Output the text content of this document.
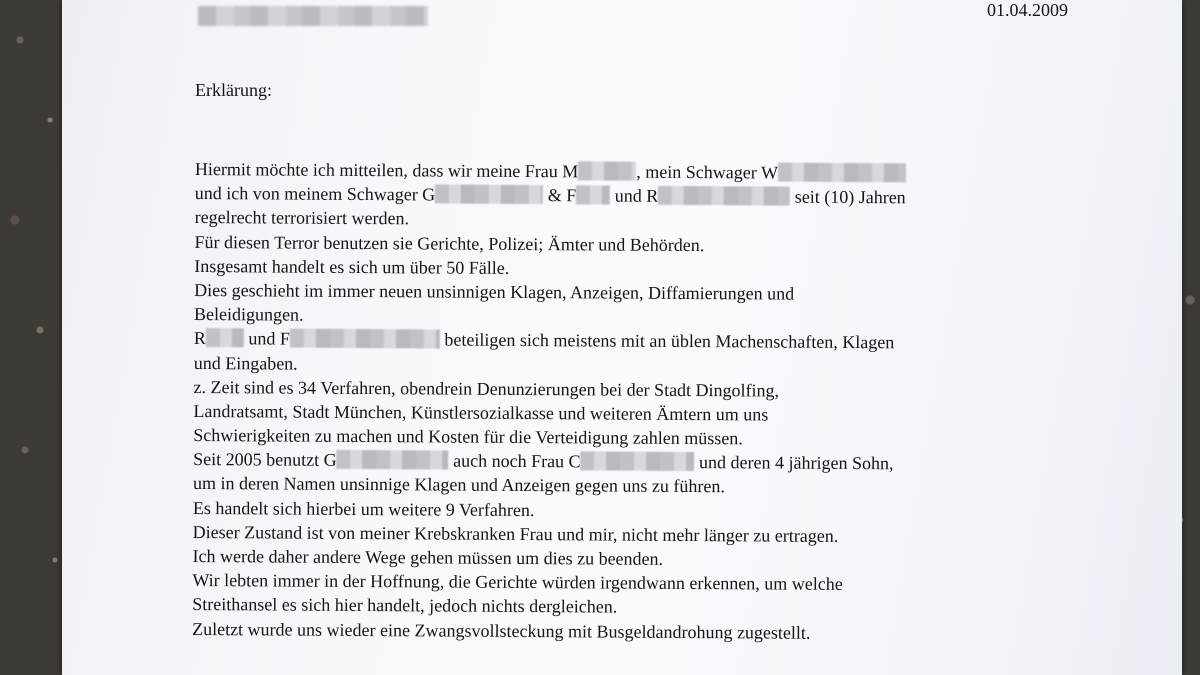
01.04.2009
Erklärung:
Hiermit möchte ich mitteilen, dass wir meine Frau M	, mein Schwager W
und ich von meinem Schwager G	& F und R	seit (10) Jahren
regelrecht terrorisiert werden.
Für diesen Terror benutzen sie Gerichte, Polizei; Ämter und Behörden.
Insgesamt handelt es sich um über 50 Fälle.
Dies geschieht im immer neuen unsinnigen Klagen, Anzeigen, Diffamierungen und
Beleidigungen.
R und F	beteiligen sich meistens mit an üblen Machenschaften, Klagen
und Eingaben.
z. Zeit sind es 34 Verfahren, obendrein Denunzierungen bei der Stadt Dingolfing,
Landratsamt, Stadt München, Künstlersozialkasse und weiteren Ämtern um uns
Schwierigkeiten zu machen und Kosten für die Verteidigung zahlen müssen.
Seit 2005 benutzt G	auch noch Frau C	und deren 4 jährigen Sohn,
um in deren Namen unsinnige Klagen und Anzeigen gegen uns zu führen.
Es handelt sich hierbei um weitere 9 Verfahren.
Dieser Zustand ist von meiner Krebskranken Frau und mir, nicht mehr länger zu ertragen.
Ich werde daher andere Wege gehen müssen um dies zu beenden.
Wir lebten immer in der Hoffnung, die Gerichte würden irgendwann erkennen, um welche
Streithansel es sich hier handelt, jedoch nichts dergleichen.
Zuletzt wurde uns wieder eine Zwangsvollsteckung mit Busgeldandrohung zugestellt.
